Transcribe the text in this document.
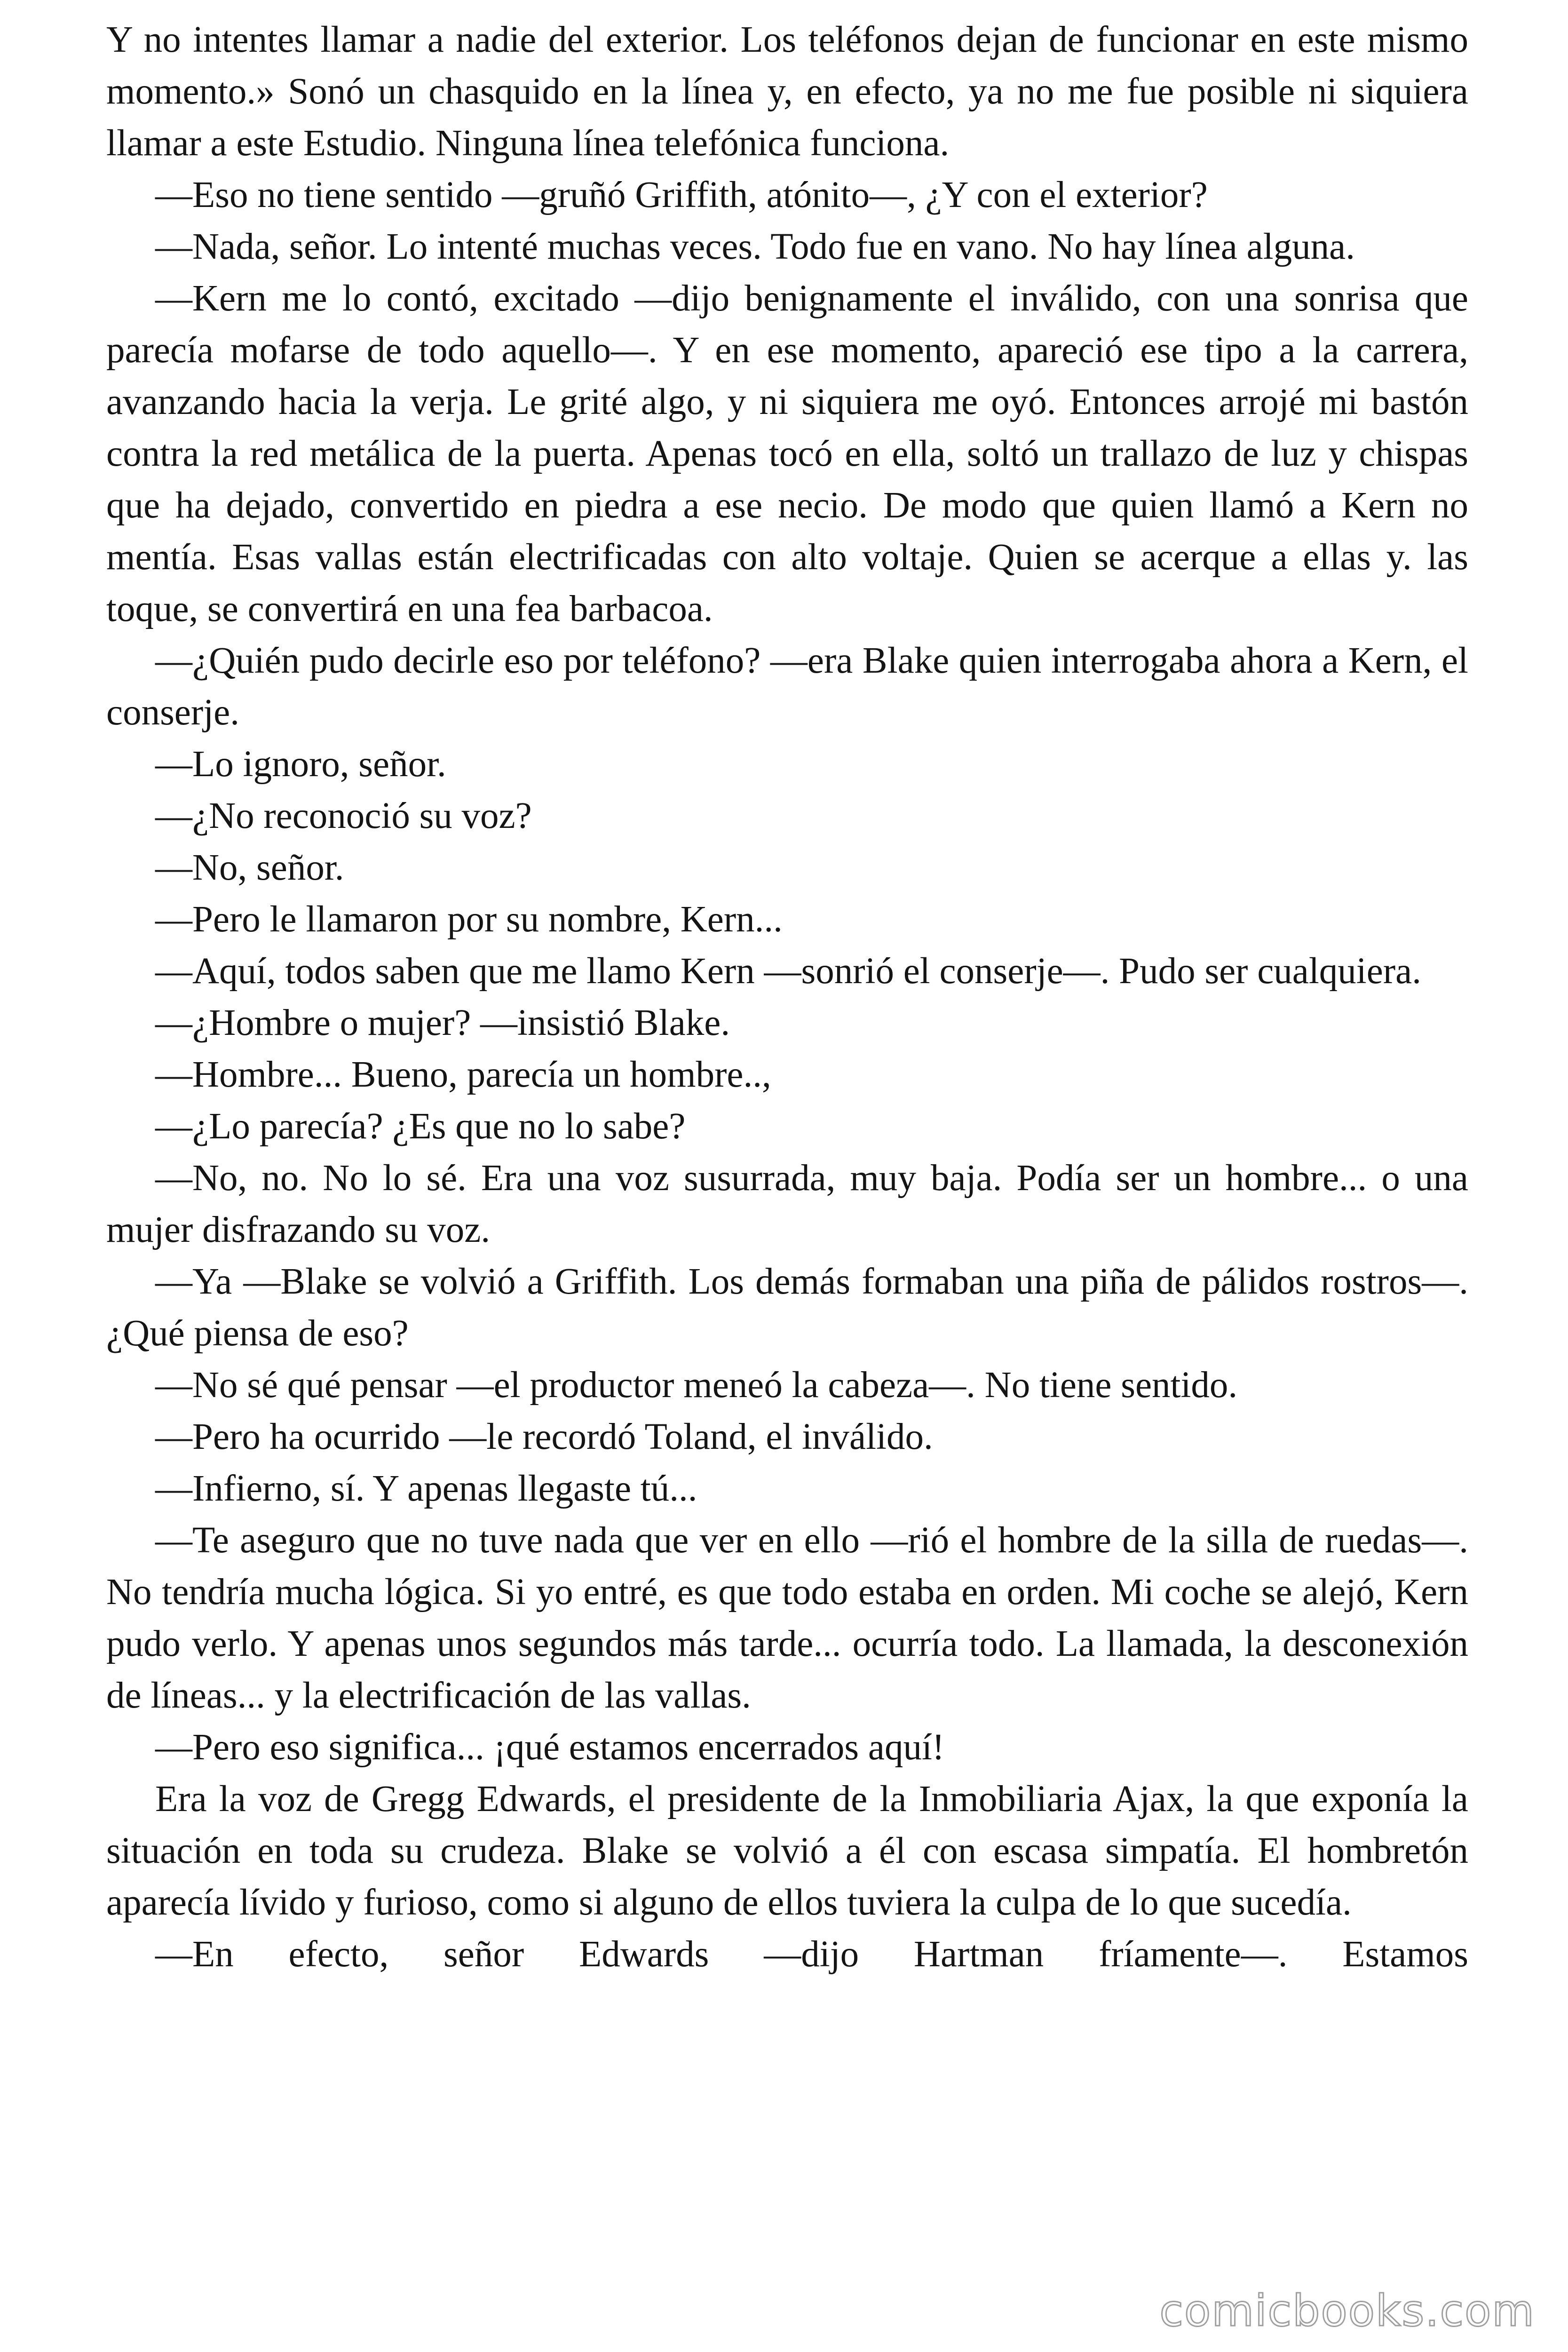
Y no intentes llamar a nadie del exterior. Los teléfonos dejan de funcionar en este mismo momento.» Sonó un chasquido en la línea y, en efecto, ya no me fue posible ni siquiera llamar a este Estudio. Ninguna línea telefónica funciona.

—Eso no tiene sentido —gruñó Griffith, atónito—, ¿Y con el exterior?

—Nada, señor. Lo intenté muchas veces. Todo fue en vano. No hay línea alguna.

—Kern me lo contó, excitado —dijo benignamente el inválido, con una sonrisa que parecía mofarse de todo aquello—. Y en ese momento, apareció ese tipo a la carrera, avanzando hacia la verja. Le grité algo, y ni siquiera me oyó. Entonces arrojé mi bastón contra la red metálica de la puerta. Apenas tocó en ella, soltó un trallazo de luz y chispas que ha dejado, convertido en piedra a ese necio. De modo que quien llamó a Kern no mentía. Esas vallas están electrificadas con alto voltaje. Quien se acerque a ellas y. las toque, se convertirá en una fea barbacoa.

—¿Quién pudo decirle eso por teléfono? —era Blake quien interrogaba ahora a Kern, el conserje.

—Lo ignoro, señor.

—¿No reconoció su voz?

—No, señor.

—Pero le llamaron por su nombre, Kern...

—Aquí, todos saben que me llamo Kern —sonrió el conserje—. Pudo ser cualquiera.

—¿Hombre o mujer? —insistió Blake.

—Hombre... Bueno, parecía un hombre..,

—¿Lo parecía? ¿Es que no lo sabe?

—No, no. No lo sé. Era una voz susurrada, muy baja. Podía ser un hombre... o una mujer disfrazando su voz.

—Ya —Blake se volvió a Griffith. Los demás formaban una piña de pálidos rostros—. ¿Qué piensa de eso?

—No sé qué pensar —el productor meneó la cabeza—. No tiene sentido.

—Pero ha ocurrido —le recordó Toland, el inválido.

—Infierno, sí. Y apenas llegaste tú...

—Te aseguro que no tuve nada que ver en ello —rió el hombre de la silla de ruedas—. No tendría mucha lógica. Si yo entré, es que todo estaba en orden. Mi coche se alejó, Kern pudo verlo. Y apenas unos segundos más tarde... ocurría todo. La llamada, la desconexión de líneas... y la electrificación de las vallas.

—Pero eso significa... ¡qué estamos encerrados aquí!

Era la voz de Gregg Edwards, el presidente de la Inmobiliaria Ajax, la que exponía la situación en toda su crudeza. Blake se volvió a él con escasa simpatía. El hombretón aparecía lívido y furioso, como si alguno de ellos tuviera la culpa de lo que sucedía.

—En efecto, señor Edwards —dijo Hartman fríamente—. Estamos

comicbooks.com
